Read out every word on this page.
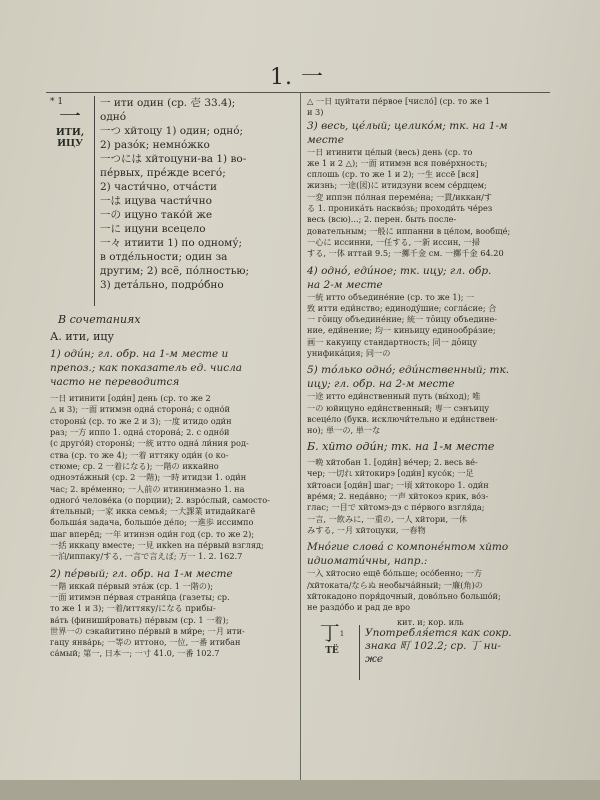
1. 一
* 1
一
ИТИ,
ИЦУ
一 ити один (ср. 壱 33.4);
одно́
一つ хйтоцу 1) один; одно́;
2) разо́к; немно́жко
一つには хйтоцуни-ва 1) во-
пе́рвых, пре́жде всего́;
2) части́чно, отча́сти
一は ицува части́чно
一の ицуно тако́й же
一に ицуни всецело
一々 итиити 1) по одному́;
в отде́льности; один за
другим; 2) всё, по́лностью;
3) дета́льно, подро́бно
В сочетаниях
А. ити, ицу
1) оди́н; гл. обр. на 1-м месте и
препоз.; как показатель ед. числа
часто не переводится
一日 итинити [оди́н] день (ср. то же 2
△ и 3); 一面 итимэн одна́ сторона́; с одно́й
стороны́ (ср. то же 2 и 3); 一度 итидо оди́н
раз; 一方 иппо 1. одна́ сторона́; 2. с одно́й
(с друго́й) стороны́; 一統 итто одна́ ли́ния род-
ства (ср. то же 4); 一着 иттяку оди́н (о ко-
стюме; ср. 2 一着になる); 一階の иккайно
одноэта́жный (ср. 2 一階); 一時 итидзи 1. оди́н
час; 2. вре́менно; 一人前の итининмаэно 1. на
одного́ челове́ка (о порции); 2. взро́слый, самосто-
я́тельный; 一家 икка семья́; 一大課業 итидайкагё
больша́я задача, большо́е де́ло; 一進歩 иссимпо
шаг вперёд; 一年 итинэн оди́н год (ср. то же 2);
一括 иккацу вместе; 一見 икken на пе́рвый взгляд;
一泊/иппаку/する, 一言で言えば; 万一 1. 2. 162.7
2) пе́рвый; гл. обр. на 1-м месте
一階 иккай пе́рвый эта́ж (ср. 1 一階の);
一面 итимэн пе́рвая страни́ца (газеты; ср.
то же 1 и 3); 一着/иттяку/になる прибы-
ва́ть (финиши́ровать) пе́рвым (ср. 1 一着);
世界一の сэкайитино пе́рвый в ми́ре; 一月 ити-
гацу янва́рь; 一等の иттоно, 一位, 一番 итибан
са́мый; 第一, 日本一; 一寸 41.0, 一番 102.7
△ 一日 цуйтати пе́рвое [число́] (ср. то же 1
и 3)
3) весь, це́лый; целико́м; тк. на 1-м
месте
一日 итинити це́лый (весь) день (ср. то
же 1 и 2 △); 一面 итимэн вся пове́рхность;
сплошь (ср. то же 1 и 2); 一生 иссё [вся]
жизнь; 一途(図)に итидзуни всем се́рдцем;
一変 иппэн по́лная переме́на; 一貫/иккан/す
る 1. проника́ть наскво́зь; проходи́ть че́рез
весь (всю)...; 2. перен. быть после-
довательным; 一般に иппанни в це́лом, вообще́;
一心に иссинни, 一任する, 一新 иссин, 一掃
する, 一体 иттай 9.5; 一擲千金 см. 一擲千金 64.20
4) одно́, еди́ное; тк. ицу; гл. обр.
на 2-м месте
一統 итто объедине́ние (ср. то же 1); 一
致 итти еди́нство; единоду́шие; согла́сие; 合
一 гōицу объедине́ние; 統一 тōицу объедине-
ние, еди́нение; 均一 киньицу единообра́зие;
画一 какуицу стандартность; 同一 дōицу
унифика́ция; 同一の
5) то́лько одно́; еди́нственный; тк.
ицу; гл. обр. на 2-м месте
一途 итто еди́нственный путь (вы́ход); 唯
一の юйицуно еди́нственный; 専一 сэнъицу
всеце́ло (букв. исключи́тельно и еди́нствен-
но); 単一の, 単一な
Б. хйто оди́н; тк. на 1-м месте
一晩 хйтобан 1. [оди́н] ве́чер; 2. весь ве́-
чер; 一切れ хйтокирэ [оди́н] кусо́к; 一足
хйтоаси [оди́н] шаг; 一頃 хйтокоро 1. оди́н
вре́мя; 2. неда́вно; 一声 хйтокоэ крик, во́з-
глас; 一目で хйтомэ-дэ с пе́рвого взгля́да;
一言, 一飲みに, 一重の, 一人 хйтори, 一休
みする, 一月 хйтоцуки, 一春物
Мно́гие слова́ с компоне́нтом хйто
идиомати́чны, напр.:
一入 хйтосио ещё бо́льше; осо́бенно; 一方
/хйтоката/ならぬ необыча́йный; 一廉(角)の
хйтокадоно поря́дочный, дово́льно большо́й;
не раздо́бо и рад де вро
кит. и; кор. иль
丁$^1$
ТЁ
Употребля́ется как сокр.
знака 町 102.2; ср. 丁 ни-
же
